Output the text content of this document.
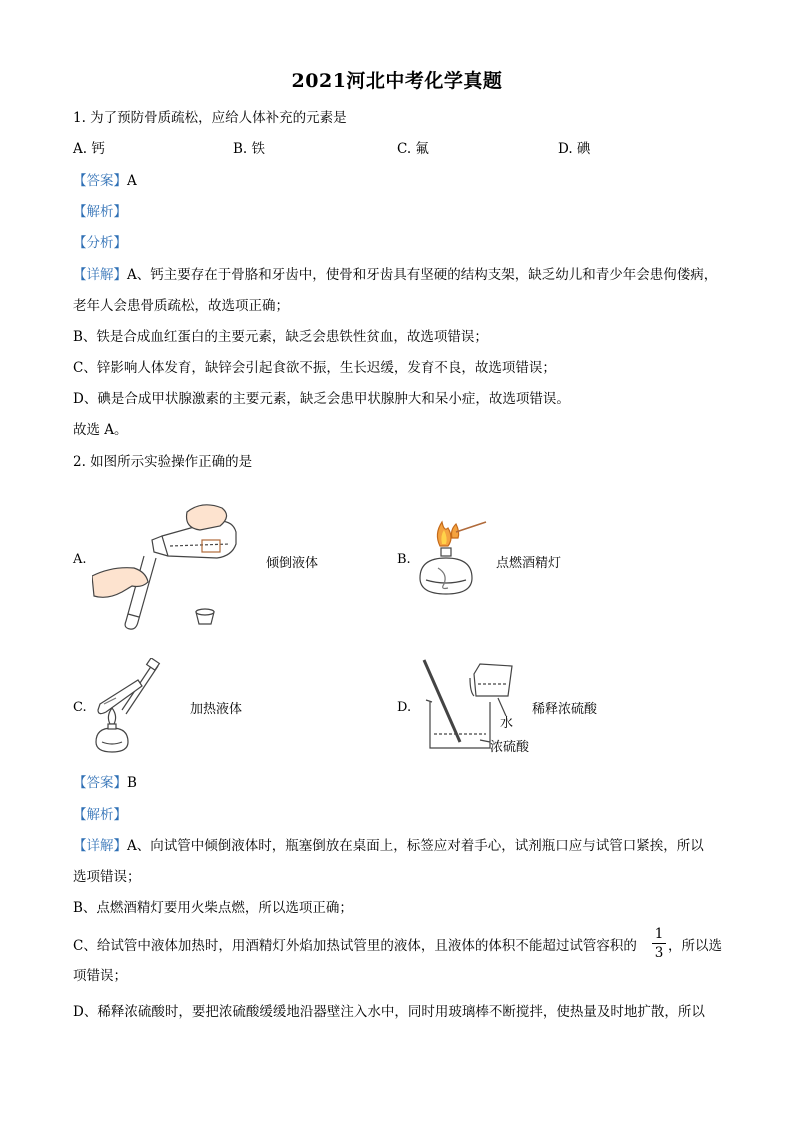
2021河北中考化学真题
1. 为了预防骨质疏松，应给人体补充的元素是
A. 钙	B. 铁	C. 氟	D. 碘
【答案】A
【解析】
【分析】
【详解】A、钙主要存在于骨胳和牙齿中，使骨和牙齿具有坚硬的结构支架，缺乏幼儿和青少年会患佝偻病，
老年人会患骨质疏松，故选项正确；
B、铁是合成血红蛋白的主要元素，缺乏会患铁性贫血，故选项错误；
C、锌影响人体发育，缺锌会引起食欲不振，生长迟缓，发育不良，故选项错误；
D、碘是合成甲状腺激素的主要元素，缺乏会患甲状腺肿大和呆小症，故选项错误。
故选 A。
2. 如图所示实验操作正确的是
A.	倾倒液体	B.	点燃酒精灯
C.	加热液体	D.
水
浓硫酸
稀释浓硫酸
【答案】B
【解析】
【详解】A、向试管中倾倒液体时，瓶塞倒放在桌面上，标签应对着手心，试剂瓶口应与试管口紧挨，所以
选项错误；
B、点燃酒精灯要用火柴点燃，所以选项正确；
C、给试管中液体加热时，用酒精灯外焰加热试管里的液体，且液体的体积不能超过试管容积的
1
3 ，所以选
项错误；
D、稀释浓硫酸时，要把浓硫酸缓缓地沿器壁注入水中，同时用玻璃棒不断搅拌，使热量及时地扩散，所以
